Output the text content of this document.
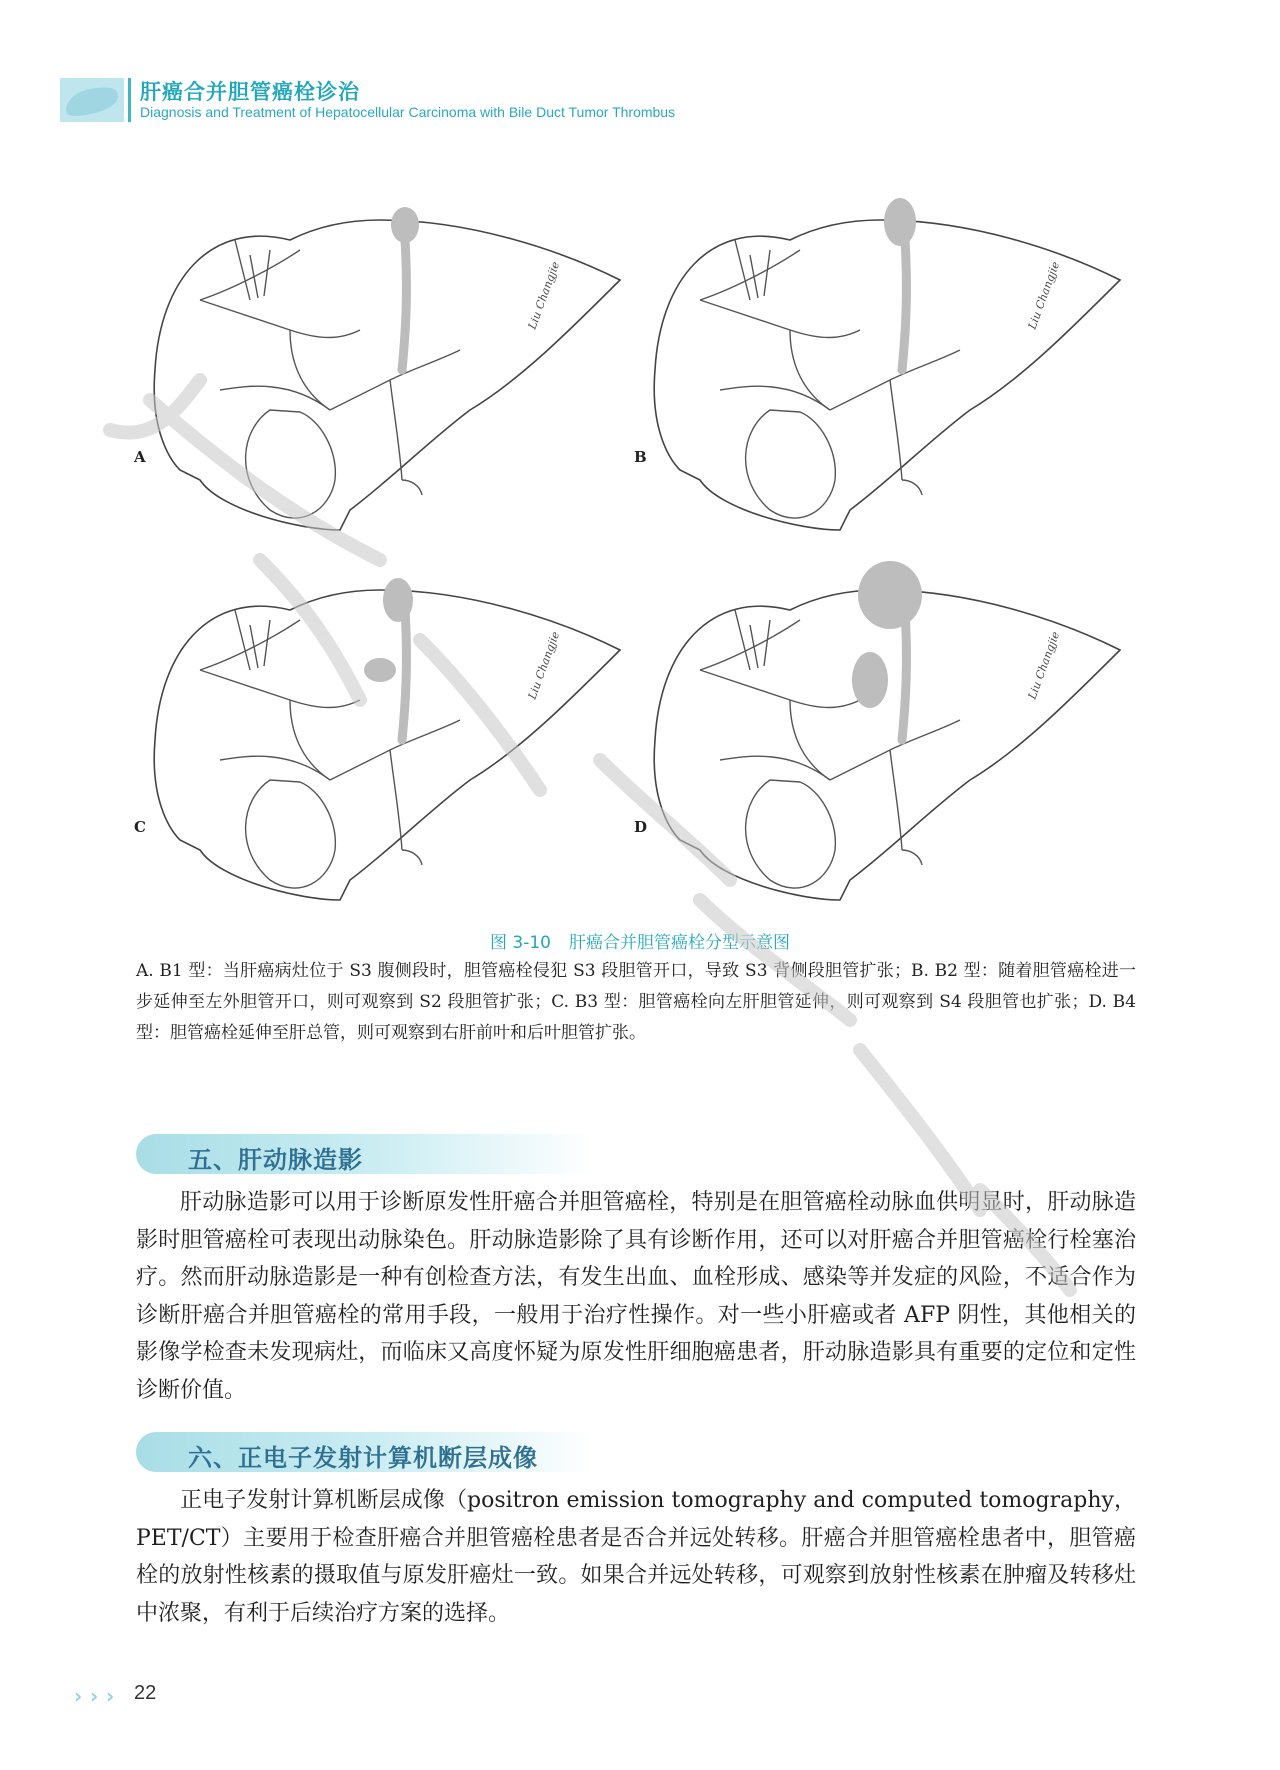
肝癌合并胆管癌栓诊治
Diagnosis and Treatment of Hepatocellular Carcinoma with Bile Duct Tumor Thrombus
Liu Changjie
A
Liu Changjie
B
Liu Changjie
C
Liu Changjie
D
图 3-10 肝癌合并胆管癌栓分型示意图
A. B1 型：当肝癌病灶位于 S3 腹侧段时，胆管癌栓侵犯 S3 段胆管开口，导致 S3 背侧段胆管扩张；B. B2 型：随着胆管癌栓进一步延伸至左外胆管开口，则可观察到 S2 段胆管扩张；C. B3 型：胆管癌栓向左肝胆管延伸，则可观察到 S4 段胆管也扩张；D. B4 型：胆管癌栓延伸至肝总管，则可观察到右肝前叶和后叶胆管扩张。
五、肝动脉造影
肝动脉造影可以用于诊断原发性肝癌合并胆管癌栓，特别是在胆管癌栓动脉血供明显时，肝动脉造影时胆管癌栓可表现出动脉染色。肝动脉造影除了具有诊断作用，还可以对肝癌合并胆管癌栓行栓塞治疗。然而肝动脉造影是一种有创检查方法，有发生出血、血栓形成、感染等并发症的风险，不适合作为诊断肝癌合并胆管癌栓的常用手段，一般用于治疗性操作。对一些小肝癌或者 AFP 阴性，其他相关的影像学检查未发现病灶，而临床又高度怀疑为原发性肝细胞癌患者，肝动脉造影具有重要的定位和定性诊断价值。
六、正电子发射计算机断层成像
正电子发射计算机断层成像（positron emission tomography and computed tomography，PET/CT）主要用于检查肝癌合并胆管癌栓患者是否合并远处转移。肝癌合并胆管癌栓患者中，胆管癌栓的放射性核素的摄取值与原发肝癌灶一致。如果合并远处转移，可观察到放射性核素在肿瘤及转移灶中浓聚，有利于后续治疗方案的选择。
› › › 22
